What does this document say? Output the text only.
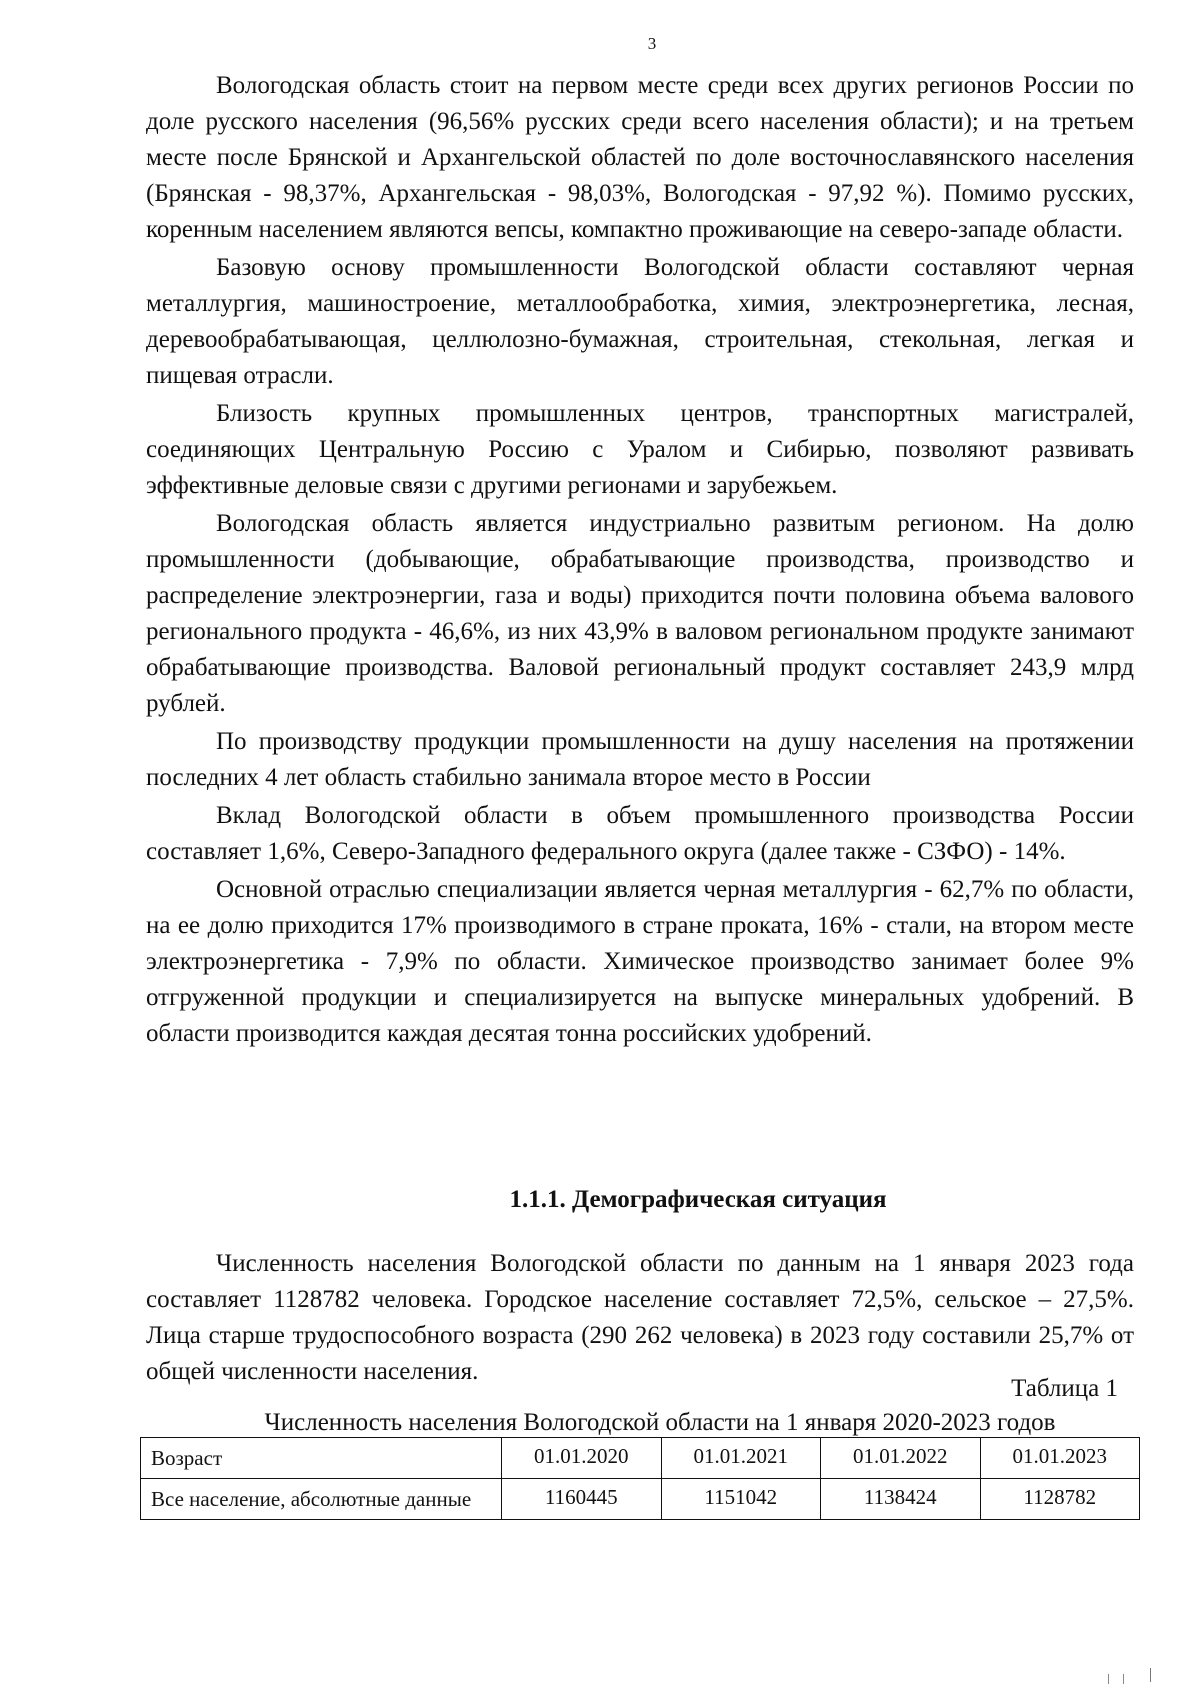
3

Вологодская область стоит на первом месте среди всех других регионов России по доле русского населения (96,56% русских среди всего населения области); и на третьем месте после Брянской и Архангельской областей по доле восточнославянского населения (Брянская - 98,37%, Архангельская - 98,03%, Вологодская - 97,92 %). Помимо русских, коренным населением являются вепсы, компактно проживающие на северо-западе области.

Базовую основу промышленности Вологодской области составляют черная металлургия, машиностроение, металлообработка, химия, электроэнергетика, лесная, деревообрабатывающая, целлюлозно-бумажная, строительная, стекольная, легкая и пищевая отрасли.

Близость крупных промышленных центров, транспортных магистралей, соединяющих Центральную Россию с Уралом и Сибирью, позволяют развивать эффективные деловые связи с другими регионами и зарубежьем.

Вологодская область является индустриально развитым регионом. На долю промышленности (добывающие, обрабатывающие производства, производство и распределение электроэнергии, газа и воды) приходится почти половина объема валового регионального продукта - 46,6%, из них 43,9% в валовом региональном продукте занимают обрабатывающие производства. Валовой региональный продукт составляет 243,9 млрд рублей.

По производству продукции промышленности на душу населения на протяжении последних 4 лет область стабильно занимала второе место в России

Вклад Вологодской области в объем промышленного производства России составляет 1,6%, Северо-Западного федерального округа (далее также - СЗФО) - 14%.

Основной отраслью специализации является черная металлургия - 62,7% по области, на ее долю приходится 17% производимого в стране проката, 16% - стали, на втором месте электроэнергетика - 7,9% по области. Химическое производство занимает более 9% отгруженной продукции и специализируется на выпуске минеральных удобрений. В области производится каждая десятая тонна российских удобрений.

1.1.1. Демографическая ситуация

Численность населения Вологодской области по данным на 1 января 2023 года составляет 1128782 человека. Городское население составляет 72,5%, сельское – 27,5%. Лица старше трудоспособного возраста (290 262 человека) в 2023 году составили 25,7% от общей численности населения.

Таблица 1
Численность населения Вологодской области на 1 января 2020-2023 годов
Возраст	01.01.2020	01.01.2021	01.01.2022	01.01.2023
Все население, абсолютные данные	1160445	1151042	1138424	1128782
